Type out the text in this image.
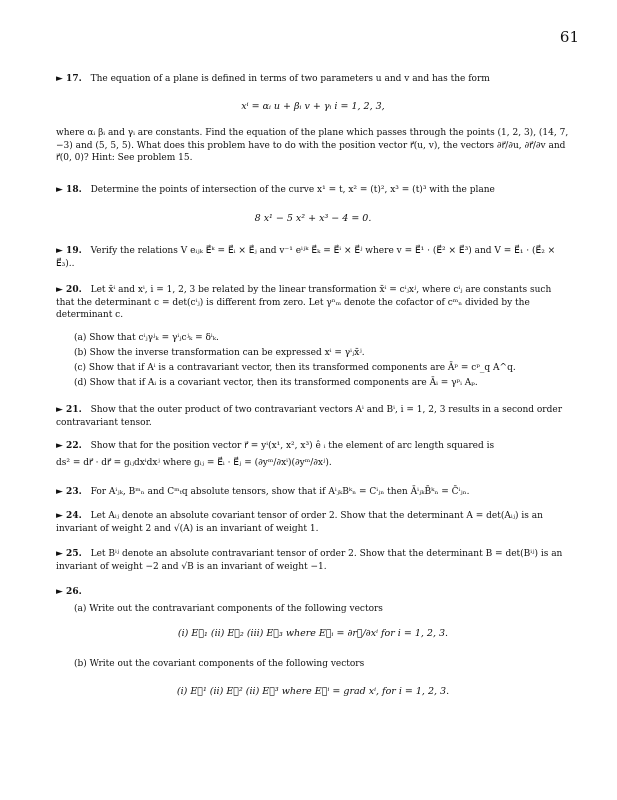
61
► 17. The equation of a plane is defined in terms of two parameters u and v and has the form
xⁱ = αᵢ u + βᵢ v + γᵢ i = 1, 2, 3,
where αᵢ βᵢ and γᵢ are constants. Find the equation of the plane which passes through the points (1, 2, 3), (14, 7, −3) and (5, 5, 5). What does this problem have to do with the position vector r⃗(u, v), the vectors ∂r⃗/∂u, ∂r⃗/∂v and r⃗(0, 0)? Hint: See problem 15.
► 18. Determine the points of intersection of the curve x¹ = t, x² = (t)², x³ = (t)³ with the plane
8 x¹ − 5 x² + x³ − 4 = 0.
► 19. Verify the relations V eᵢⱼₖ E⃗ᵏ = E⃗ᵢ × E⃗ⱼ and v⁻¹ eⁱʲᵏ E⃗ₖ = E⃗ⁱ × E⃗ʲ where v = E⃗¹ · (E⃗² × E⃗³) and V = E⃗₁ · (E⃗₂ × E⃗₃)..
► 20. Let x̄ⁱ and xⁱ, i = 1, 2, 3 be related by the linear transformation x̄ⁱ = cⁱⱼxʲ, where cⁱⱼ are constants such that the determinant c = det(cⁱⱼ) is different from zero. Let γⁿₘ denote the cofactor of cᵐₙ divided by the determinant c.
(a) Show that cⁱⱼγʲₖ = γⁱⱼcʲₖ = δⁱₖ.
(b) Show the inverse transformation can be expressed xⁱ = γⁱⱼx̄ʲ.
(c) Show that if Aⁱ is a contravariant vector, then its transformed components are Āᵖ = cᵖ_q A^q.
(d) Show that if Aᵢ is a covariant vector, then its transformed components are Āᵢ = γᵖᵢ Aₚ.
► 21. Show that the outer product of two contravariant vectors Aⁱ and Bⁱ, i = 1, 2, 3 results in a second order contravariant tensor.
► 22. Show that for the position vector r⃗ = yⁱ(x¹, x², x³) ê ᵢ the element of arc length squared is
ds² = dr⃗ · dr⃗ = gᵢⱼdxⁱdxʲ where gᵢⱼ = E⃗ᵢ · E⃗ⱼ = (∂yᵐ/∂xⁱ)(∂yᵐ/∂xʲ).
► 23. For Aⁱⱼₖ, Bᵐₙ and Cᵐₜq absolute tensors, show that if AⁱⱼₖBᵏₙ = Cⁱⱼₙ then ĀⁱⱼₖB̄ᵏₙ = C̄ⁱⱼₙ.
► 24. Let Aᵢⱼ denote an absolute covariant tensor of order 2. Show that the determinant A = det(Aᵢⱼ) is an invariant of weight 2 and √(A) is an invariant of weight 1.
► 25. Let Bⁱʲ denote an absolute contravariant tensor of order 2. Show that the determinant B = det(Bⁱʲ) is an invariant of weight −2 and √B is an invariant of weight −1.
► 26.
(a) Write out the contravariant components of the following vectors
(i) E⃗₁ (ii) E⃗₂ (iii) E⃗₃ where E⃗ᵢ = ∂r⃗/∂xⁱ for i = 1, 2, 3.
(b) Write out the covariant components of the following vectors
(i) E⃗¹ (ii) E⃗² (ii) E⃗³ where E⃗ⁱ = grad xⁱ, for i = 1, 2, 3.
